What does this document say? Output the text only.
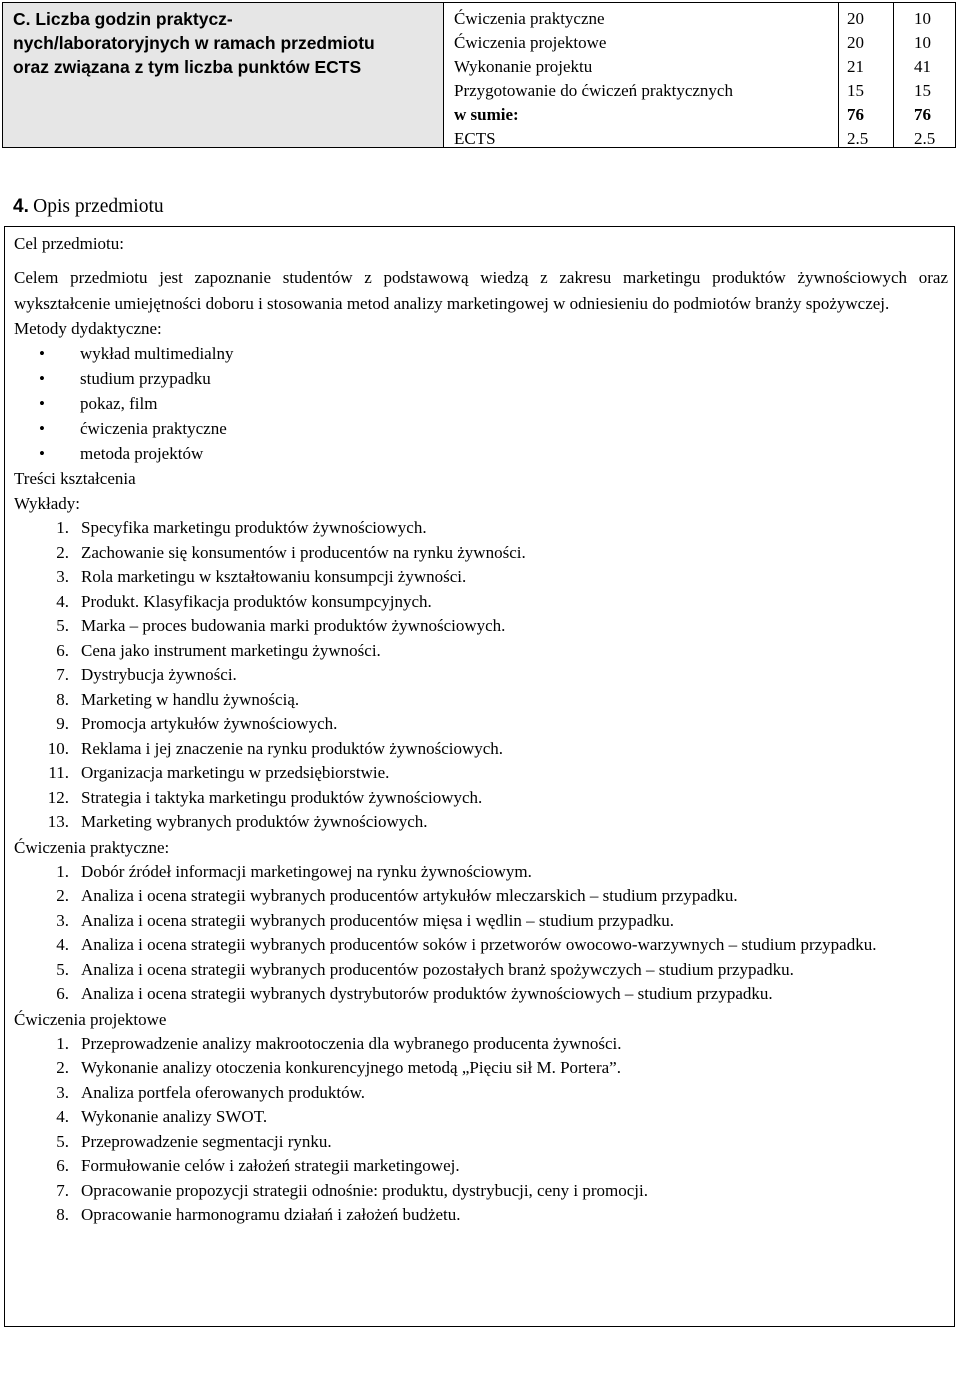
C. Liczba godzin praktycz-
nych/laboratoryjnych w ramach przedmiotu
oraz związana z tym liczba punktów ECTS
Ćwiczenia praktyczne
Ćwiczenia projektowe
Wykonanie projektu
Przygotowanie do ćwiczeń praktycznych
w sumie:
ECTS
20
20
21
15
76
2.5
10
10
41
15
76
2.5
4. Opis przedmiotu
Cel przedmiotu:
Celem przedmiotu jest zapoznanie studentów z podstawową wiedzą z zakresu marketingu produktów żywnościowych oraz wykształcenie umiejętności doboru i stosowania metod analizy marketingowej w odniesieniu do podmiotów branży spożywczej.
Metody dydaktyczne:
• wykład multimedialny
• studium przypadku
• pokaz, film
• ćwiczenia praktyczne
• metoda projektów
Treści kształcenia
Wykłady:
1. Specyfika marketingu produktów żywnościowych.
2. Zachowanie się konsumentów i producentów na rynku żywności.
3. Rola marketingu w kształtowaniu konsumpcji żywności.
4. Produkt. Klasyfikacja produktów konsumpcyjnych.
5. Marka – proces budowania marki produktów żywnościowych.
6. Cena jako instrument marketingu żywności.
7. Dystrybucja żywności.
8. Marketing w handlu żywnością.
9. Promocja artykułów żywnościowych.
10. Reklama i jej znaczenie na rynku produktów żywnościowych.
11. Organizacja marketingu w przedsiębiorstwie.
12. Strategia i taktyka marketingu produktów żywnościowych.
13. Marketing wybranych produktów żywnościowych.
Ćwiczenia praktyczne:
1. Dobór źródeł informacji marketingowej na rynku żywnościowym.
2. Analiza i ocena strategii wybranych producentów artykułów mleczarskich – studium przypadku.
3. Analiza i ocena strategii wybranych producentów mięsa i wędlin – studium przypadku.
4. Analiza i ocena strategii wybranych producentów soków i przetworów owocowo-warzywnych – studium przypadku.
5. Analiza i ocena strategii wybranych producentów pozostałych branż spożywczych – studium przypadku.
6. Analiza i ocena strategii wybranych dystrybutorów produktów żywnościowych – studium przypadku.
Ćwiczenia projektowe
1. Przeprowadzenie analizy makrootoczenia dla wybranego producenta żywności.
2. Wykonanie analizy otoczenia konkurencyjnego metodą „Pięciu sił M. Portera”.
3. Analiza portfela oferowanych produktów.
4. Wykonanie analizy SWOT.
5. Przeprowadzenie segmentacji rynku.
6. Formułowanie celów i założeń strategii marketingowej.
7. Opracowanie propozycji strategii odnośnie: produktu, dystrybucji, ceny i promocji.
8. Opracowanie harmonogramu działań i założeń budżetu.
